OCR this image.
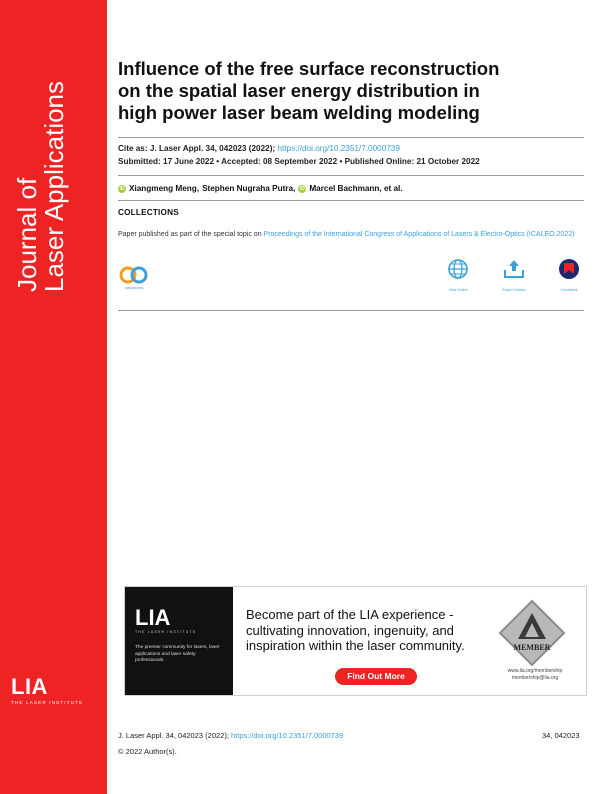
Journal of
Laser Applications
LIA
THE LASER INSTITUTE
Influence of the free surface reconstruction
on the spatial laser energy distribution in
high power laser beam welding modeling
Cite as: J. Laser Appl. 34, 042023 (2022); https://doi.org/10.2351/7.0000739
Submitted: 17 June 2022 • Accepted: 08 September 2022 • Published Online: 21 October 2022
iD Xiangmeng Meng, Stephen Nugraha Putra, iD Marcel Bachmann, et al.
COLLECTIONS
Paper published as part of the special topic on Proceedings of the International Congress of Applications of Lasers & Electro-Optics (ICALEO 2022)
openaccess	View Online	Export Citation	CrossMark
LIA
THE LASER INSTITUTE
The premier community for lasers, laser applications and laser safety professionals.
Become part of the LIA experience -
cultivating innovation, ingenuity, and
inspiration within the laser community.
Find Out More
MEMBER
www.lia.org/membership
membership@lia.org
J. Laser Appl. 34, 042023 (2022); https://doi.org/10.2351/7.0000739	34, 042023
© 2022 Author(s).
